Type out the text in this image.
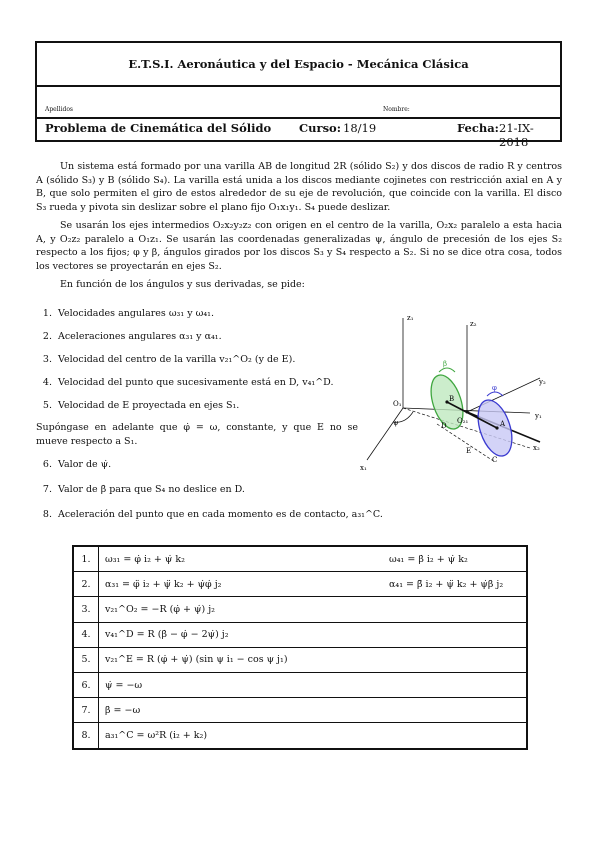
E.T.S.I. Aeronáutica y del Espacio - Mecánica Clásica
Apellidos	Nombre:
Problema de Cinemática del Sólido Curso: 18/19	Fecha: 21-IX-2018

Un sistema está formado por una varilla AB de longitud 2R (sólido S₂) y dos discos de radio R y centros A (sólido S₃) y B (sólido S₄). La varilla está unida a los discos mediante cojinetes con restricción axial en A y B, que solo permiten el giro de estos alrededor de su eje de revolución, que coincide con la varilla. El disco S₃ rueda y pivota sin deslizar sobre el plano fijo O₁x₁y₁. S₄ puede deslizar.

Se usarán los ejes intermedios O₂x₂y₂z₂ con origen en el centro de la varilla, O₂x₂ paralelo a esta hacia A, y O₂z₂ paralelo a O₁z₁. Se usarán las coordenadas generalizadas ψ, ángulo de precesión de los ejes S₂ respecto a los fijos; φ y β, ángulos girados por los discos S₃ y S₄ respecto a S₂. Si no se dice otra cosa, todos los vectores se proyectarán en ejes S₂.

En función de los ángulos y sus derivadas, se pide:

1. Velocidades angulares ω₃₁ y ω₄₁.
2. Aceleraciones angulares α₃₁ y α₄₁.
3. Velocidad del centro de la varilla v₂₁^O₂ (y de E).
4. Velocidad del punto que sucesivamente está en D, v₄₁^D.
5. Velocidad de E proyectada en ejes S₁.
Supóngase en adelante que φ̇ = ω, constante, y que E no se mueve respecto a S₁.
6. Valor de ψ̇.
7. Valor de β̇ para que S₄ no deslice en D.
8. Aceleración del punto que en cada momento es de contacto, a₃₁^C.
z₁
z₂
y₂
y₁
x₂
x₁
O₁
O₂₁	A
B
C
D
E
ψ
β
φ
1.	ω₃₁ = φ̇ i₂ + ψ̇ k₂ ω₄₁ = β̇ i₂ + ψ̇ k₂

2.	α₃₁ = φ̈ i₂ + ψ̈ k₂ + ψ̇φ̇ j₂ α₄₁ = β̈ i₂ + ψ̈ k₂ + ψ̇β̇ j₂

3.	v₂₁^O₂ = −R (φ̇ + ψ̇) j₂
4.	v₄₁^D = R (β̇ − φ̇ − 2ψ̇) j₂
5.	v₂₁^E = R (φ̇ + ψ̇) (sin ψ i₁ − cos ψ j₁)
6.	ψ̇ = −ω
7.	β̇ = −ω
8.	a₃₁^C = ω²R (i₂ + k₂)
